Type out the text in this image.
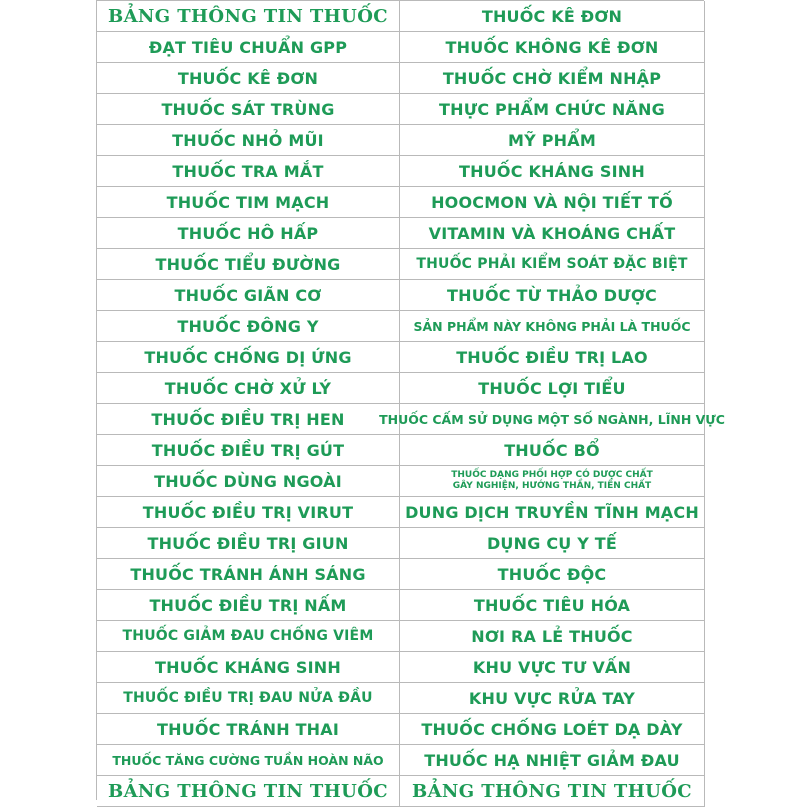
BẢNG THÔNG TIN THUỐC	THUỐC KÊ ĐƠN
ĐẠT TIÊU CHUẨN GPP	THUỐC KHÔNG KÊ ĐƠN
THUỐC KÊ ĐƠN	THUỐC CHỜ KIỂM NHẬP
THUỐC SÁT TRÙNG	THỰC PHẨM CHỨC NĂNG
THUỐC NHỎ MŨI	MỸ PHẨM
THUỐC TRA MẮT	THUỐC KHÁNG SINH
THUỐC TIM MẠCH	HOOCMON VÀ NỘI TIẾT TỐ
THUỐC HÔ HẤP	VITAMIN VÀ KHOÁNG CHẤT
THUỐC TIỂU ĐƯỜNG	THUỐC PHẢI KIỂM SOÁT ĐẶC BIỆT
THUỐC GIÃN CƠ	THUỐC TỪ THẢO DƯỢC
THUỐC ĐÔNG Y	SẢN PHẨM NÀY KHÔNG PHẢI LÀ THUỐC
THUỐC CHỐNG DỊ ỨNG	THUỐC ĐIỀU TRỊ LAO
THUỐC CHỜ XỬ LÝ	THUỐC LỢI TIỂU
THUỐC ĐIỀU TRỊ HEN	THUỐC CẤM SỬ DỤNG MỘT SỐ NGÀNH, LĨNH VỰC
THUỐC ĐIỀU TRỊ GÚT	THUỐC BỔ
THUỐC DÙNG NGOÀI	THUỐC DẠNG PHỐI HỢP CÓ DƯỢC CHẤT
GÂY NGHIỆN, HƯỚNG THẦN, TIỀN CHẤT
THUỐC ĐIỀU TRỊ VIRUT	DUNG DỊCH TRUYỀN TĨNH MẠCH
THUỐC ĐIỀU TRỊ GIUN	DỤNG CỤ Y TẾ
THUỐC TRÁNH ÁNH SÁNG	THUỐC ĐỘC
THUỐC ĐIỀU TRỊ NẤM	THUỐC TIÊU HÓA
THUỐC GIẢM ĐAU CHỐNG VIÊM	NƠI RA LẺ THUỐC
THUỐC KHÁNG SINH	KHU VỰC TƯ VẤN
THUỐC ĐIỀU TRỊ ĐAU NỬA ĐẦU	KHU VỰC RỬA TAY
THUỐC TRÁNH THAI	THUỐC CHỐNG LOÉT DẠ DÀY
THUỐC TĂNG CƯỜNG TUẦN HOÀN NÃO	THUỐC HẠ NHIỆT GIẢM ĐAU
BẢNG THÔNG TIN THUỐC	BẢNG THÔNG TIN THUỐC
